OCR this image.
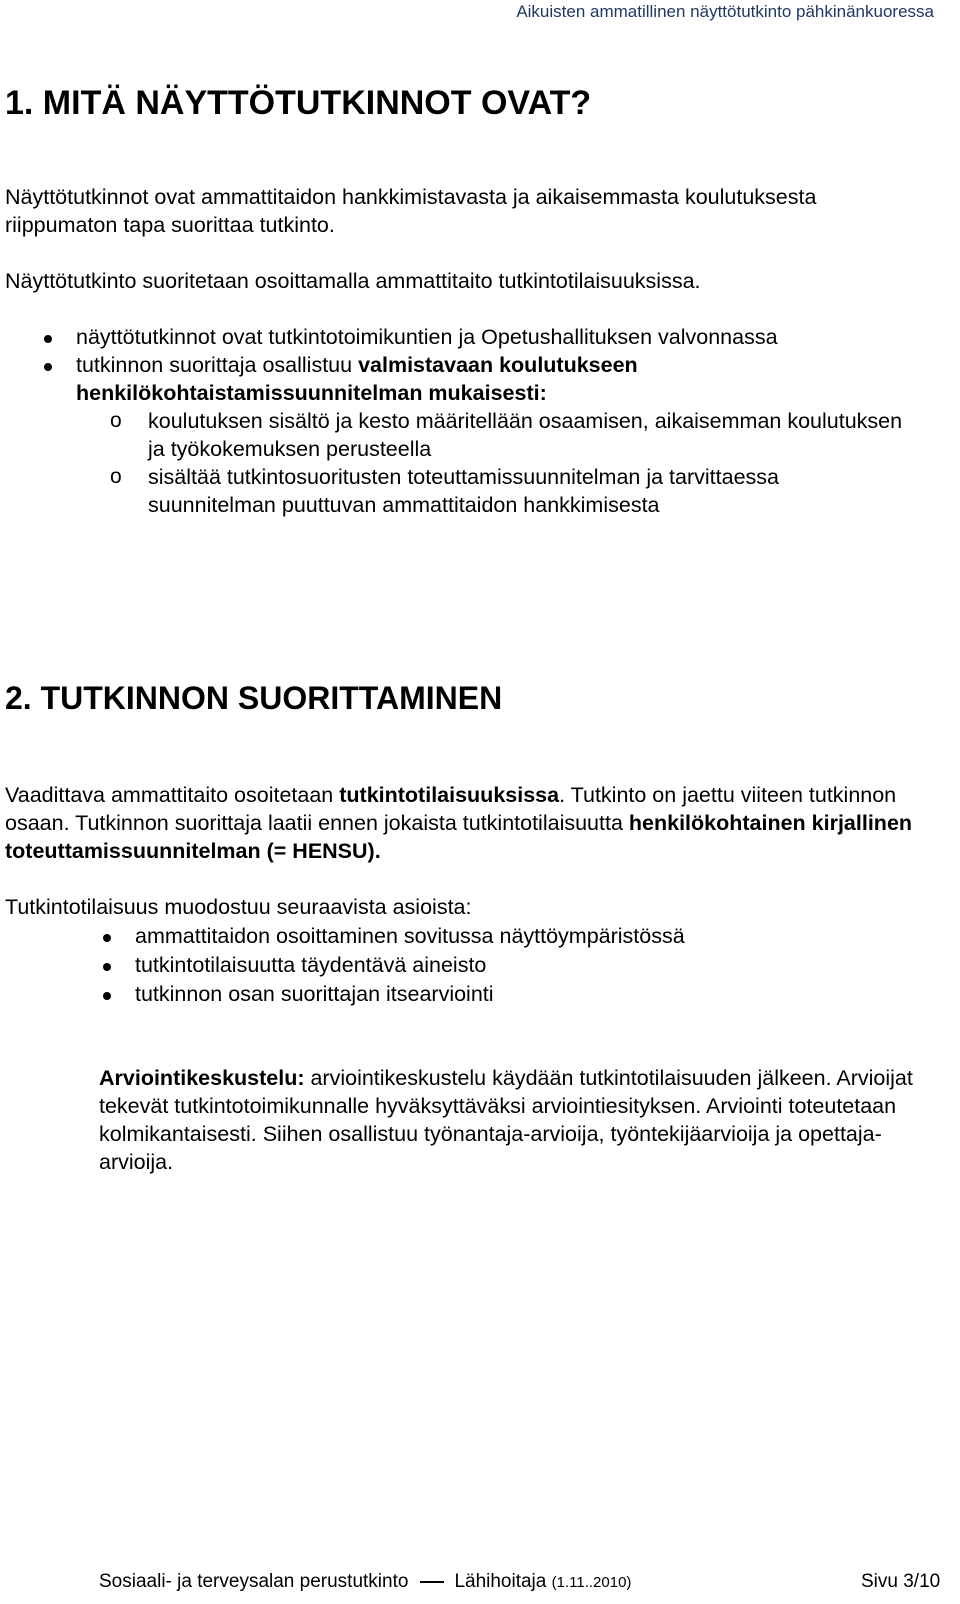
Aikuisten ammatillinen näyttötutkinto pähkinänkuoressa
1. MITÄ NÄYTTÖTUTKINNOT OVAT?

Näyttötutkinnot ovat ammattitaidon hankkimistavasta ja aikaisemmasta koulutuksesta riippumaton tapa suorittaa tutkinto.

Näyttötutkinto suoritetaan osoittamalla ammattitaito tutkintotilaisuuksissa.

näyttötutkinnot ovat tutkintotoimikuntien ja Opetushallituksen valvonnassa
tutkinnon suorittaja osallistuu valmistavaan koulutukseen henkilökohtaistamissuunnitelman mukaisesti:
o koulutuksen sisältö ja kesto määritellään osaamisen, aikaisemman koulutuksen ja työkokemuksen perusteella
o sisältää tutkintosuoritusten toteuttamissuunnitelman ja tarvittaessa suunnitelman puuttuvan ammattitaidon hankkimisesta
2. TUTKINNON SUORITTAMINEN

Vaadittava ammattitaito osoitetaan tutkintotilaisuuksissa. Tutkinto on jaettu viiteen tutkinnon osaan. Tutkinnon suorittaja laatii ennen jokaista tutkintotilaisuutta henkilökohtainen kirjallinen toteuttamissuunnitelman (= HENSU).

Tutkintotilaisuus muodostuu seuraavista asioista:

ammattitaidon osoittaminen sovitussa näyttöympäristössä
tutkintotilaisuutta täydentävä aineisto
tutkinnon osan suorittajan itsearviointi

Arviointikeskustelu: arviointikeskustelu käydään tutkintotilaisuuden jälkeen. Arvioijat tekevät tutkintotoimikunnalle hyväksyttäväksi arviointiesityksen. Arviointi toteutetaan kolmikantaisesti. Siihen osallistuu työnantaja-arvioija, työntekijäarvioija ja opettaja-arvioija.

Sosiaali- ja terveysalan perustutkinto Lähihoitaja (1.11..2010)	Sivu 3/10
